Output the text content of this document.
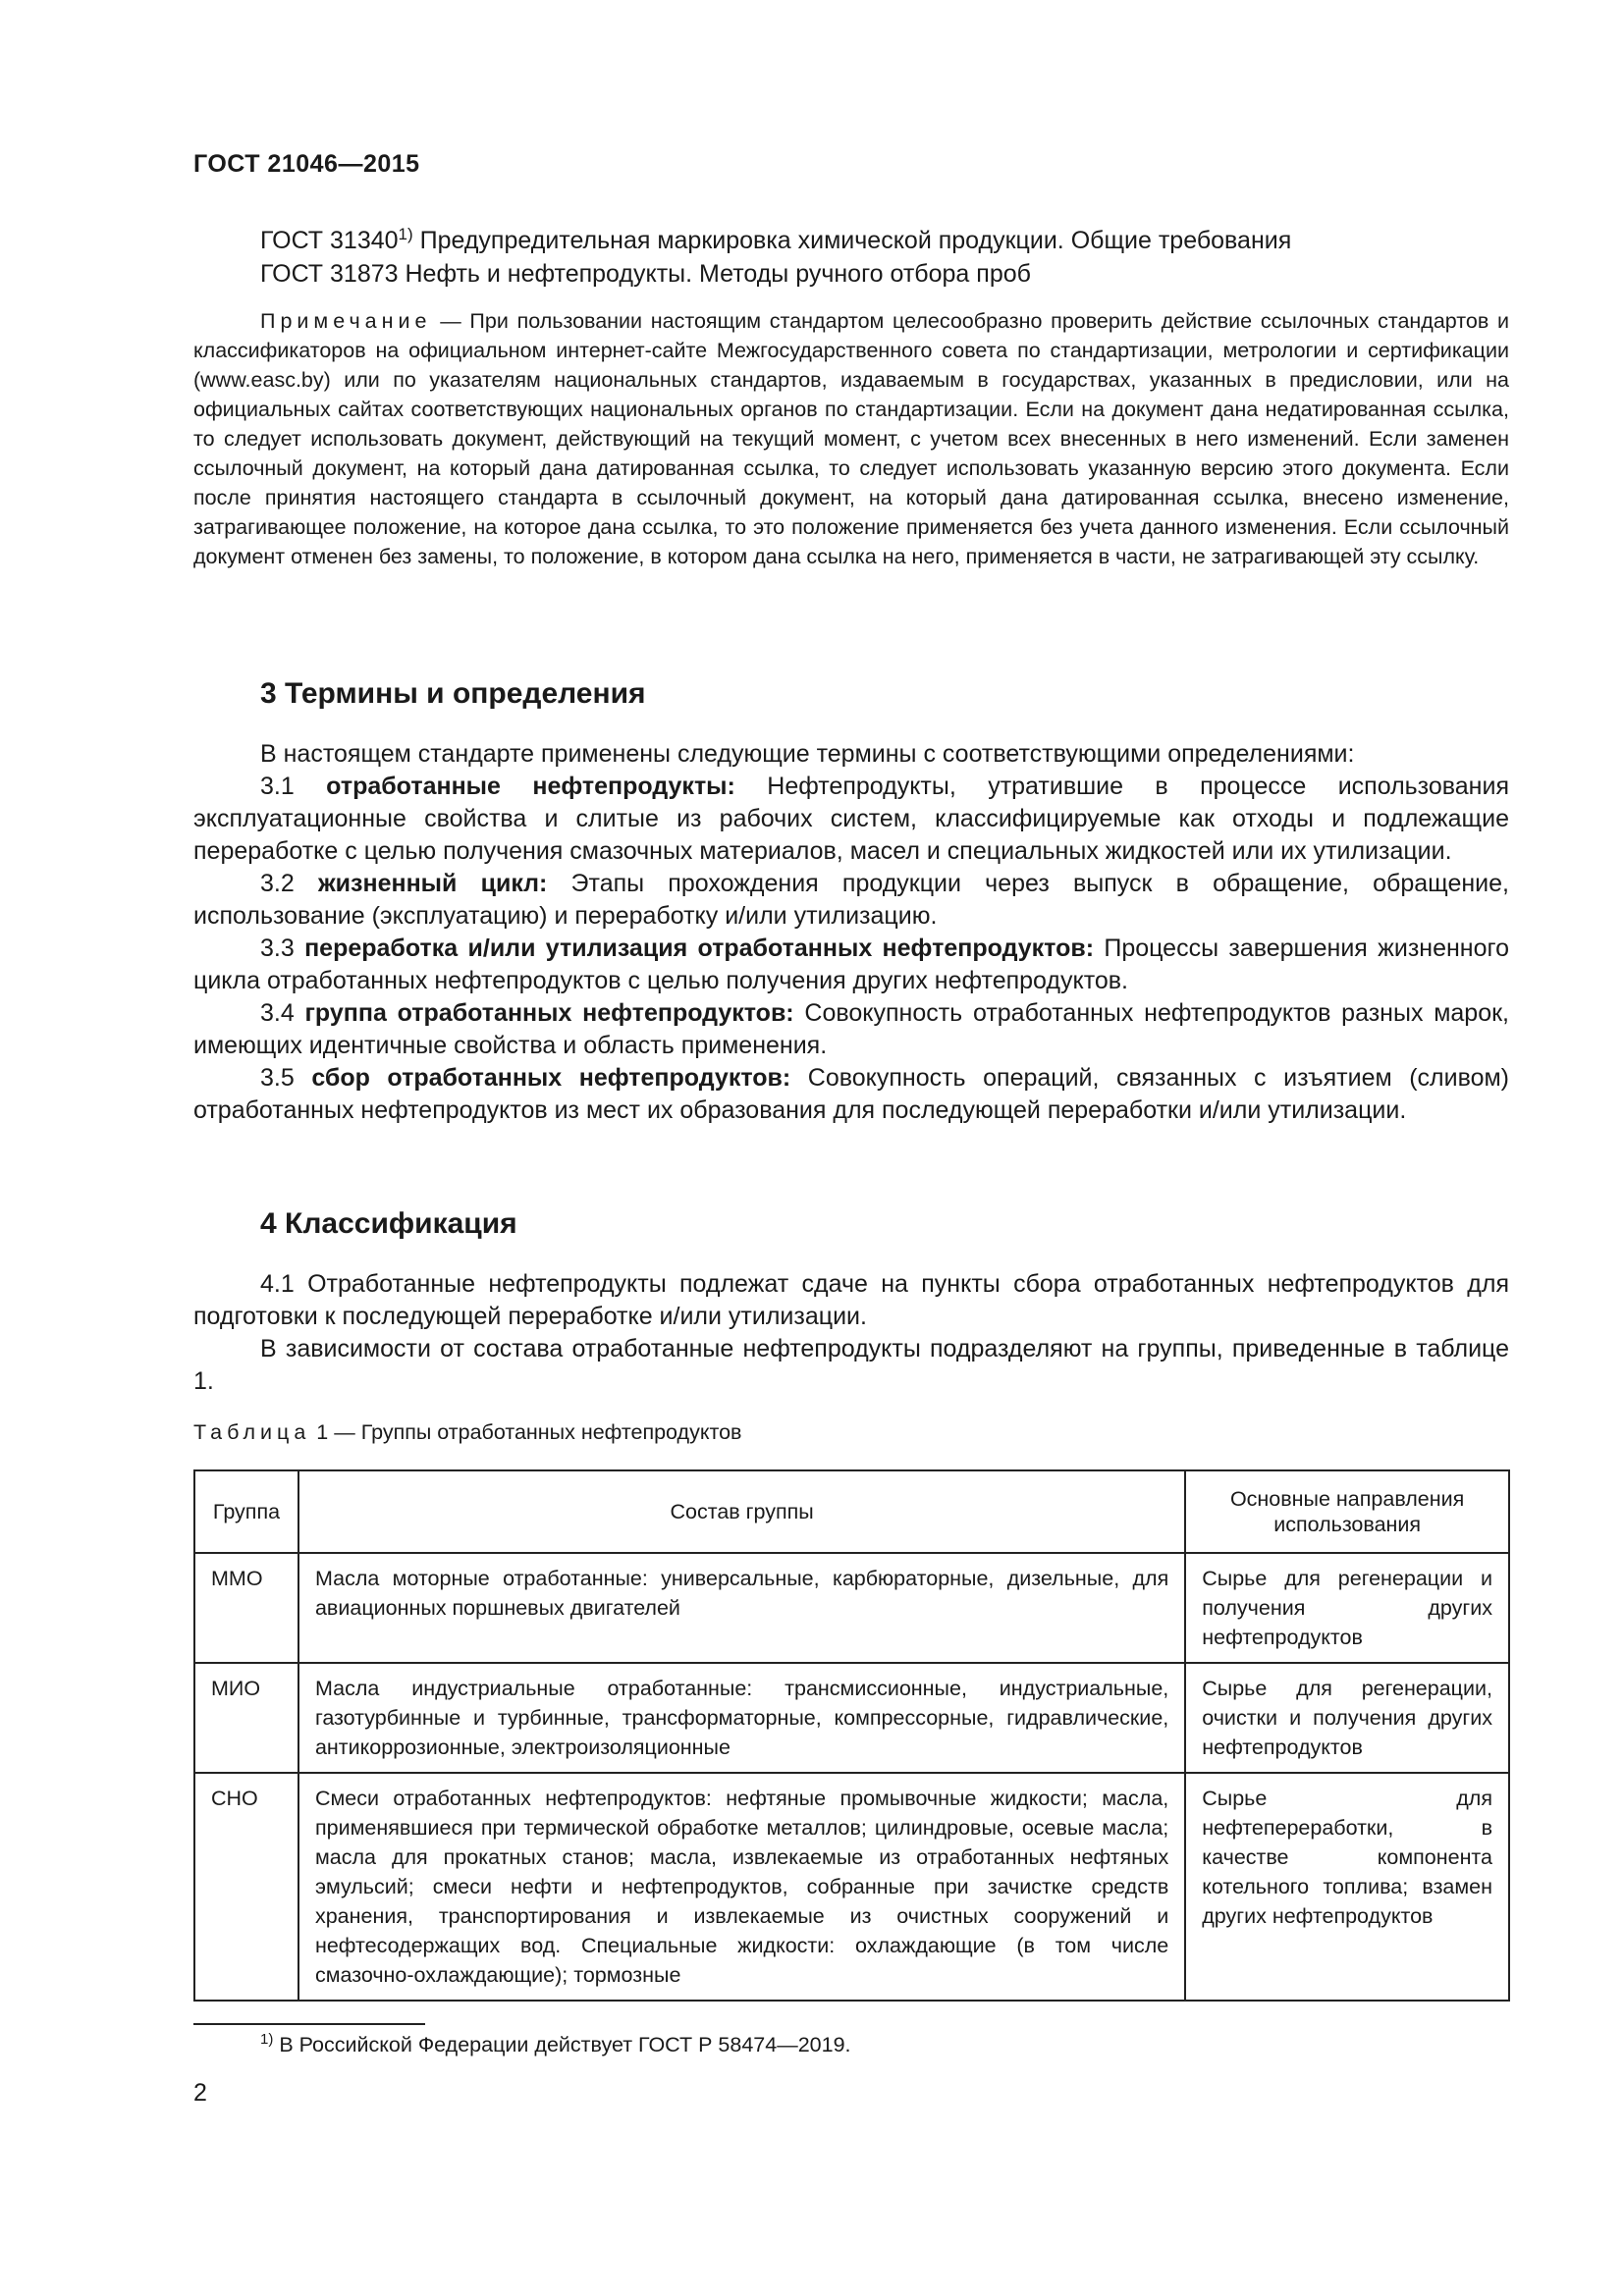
ГОСТ 21046—2015
ГОСТ 31340$^{1)}$ Предупредительная маркировка химической продукции. Общие требования
ГОСТ 31873 Нефть и нефтепродукты. Методы ручного отбора проб
Примечание — При пользовании настоящим стандартом целесообразно проверить действие ссылочных стандартов и классификаторов на официальном интернет-сайте Межгосударственного совета по стандартизации, метрологии и сертификации (www.easc.by) или по указателям национальных стандартов, издаваемым в государствах, указанных в предисловии, или на официальных сайтах соответствующих национальных органов по стандартизации. Если на документ дана недатированная ссылка, то следует использовать документ, действующий на текущий момент, с учетом всех внесенных в него изменений. Если заменен ссылочный документ, на который дана датированная ссылка, то следует использовать указанную версию этого документа. Если после принятия настоящего стандарта в ссылочный документ, на который дана датированная ссылка, внесено изменение, затрагивающее положение, на которое дана ссылка, то это положение применяется без учета данного изменения. Если ссылочный документ отменен без замены, то положение, в котором дана ссылка на него, применяется в части, не затрагивающей эту ссылку.
3 Термины и определения

В настоящем стандарте применены следующие термины с соответствующими определениями:

3.1 отработанные нефтепродукты: Нефтепродукты, утратившие в процессе использования эксплуатационные свойства и слитые из рабочих систем, классифицируемые как отходы и подлежащие переработке с целью получения смазочных материалов, масел и специальных жидкостей или их утилизации.

3.2 жизненный цикл: Этапы прохождения продукции через выпуск в обращение, обращение, использование (эксплуатацию) и переработку и/или утилизацию.

3.3 переработка и/или утилизация отработанных нефтепродуктов: Процессы завершения жизненного цикла отработанных нефтепродуктов с целью получения других нефтепродуктов.

3.4 группа отработанных нефтепродуктов: Совокупность отработанных нефтепродуктов разных марок, имеющих идентичные свойства и область применения.

3.5 сбор отработанных нефтепродуктов: Совокупность операций, связанных с изъятием (сливом) отработанных нефтепродуктов из мест их образования для последующей переработки и/или утилизации.

4 Классификация

4.1 Отработанные нефтепродукты подлежат сдаче на пункты сбора отработанных нефтепродуктов для подготовки к последующей переработке и/или утилизации.

В зависимости от состава отработанные нефтепродукты подразделяют на группы, приведенные в таблице 1.

Таблица 1 — Группы отработанных нефтепродуктов
Группа	Состав группы	Основные направления использования
ММО	Масла моторные отработанные: универсальные, карбюраторные, дизельные, для авиационных поршневых двигателей	Сырье для регенерации и получения других нефтепродуктов
МИО	Масла индустриальные отработанные: трансмиссионные, индустриальные, газотурбинные и турбинные, трансформаторные, компрессорные, гидравлические, антикоррозионные, электроизоляционные	Сырье для регенерации, очистки и получения других нефтепродуктов
СНО	Смеси отработанных нефтепродуктов: нефтяные промывочные жидкости; масла, применявшиеся при термической обработке металлов; цилиндровые, осевые масла; масла для прокатных станов; масла, извлекаемые из отработанных нефтяных эмульсий; смеси нефти и нефтепродуктов, собранные при зачистке средств хранения, транспортирования и извлекаемые из очистных сооружений и нефтесодержащих вод. Специальные жидкости: охлаждающие (в том числе смазочно-охлаждающие); тормозные	Сырье для нефтепереработки, в качестве компонента котельного топлива; взамен других нефтепродуктов
$^{1)}$ В Российской Федерации действует ГОСТ Р 58474—2019.
2
